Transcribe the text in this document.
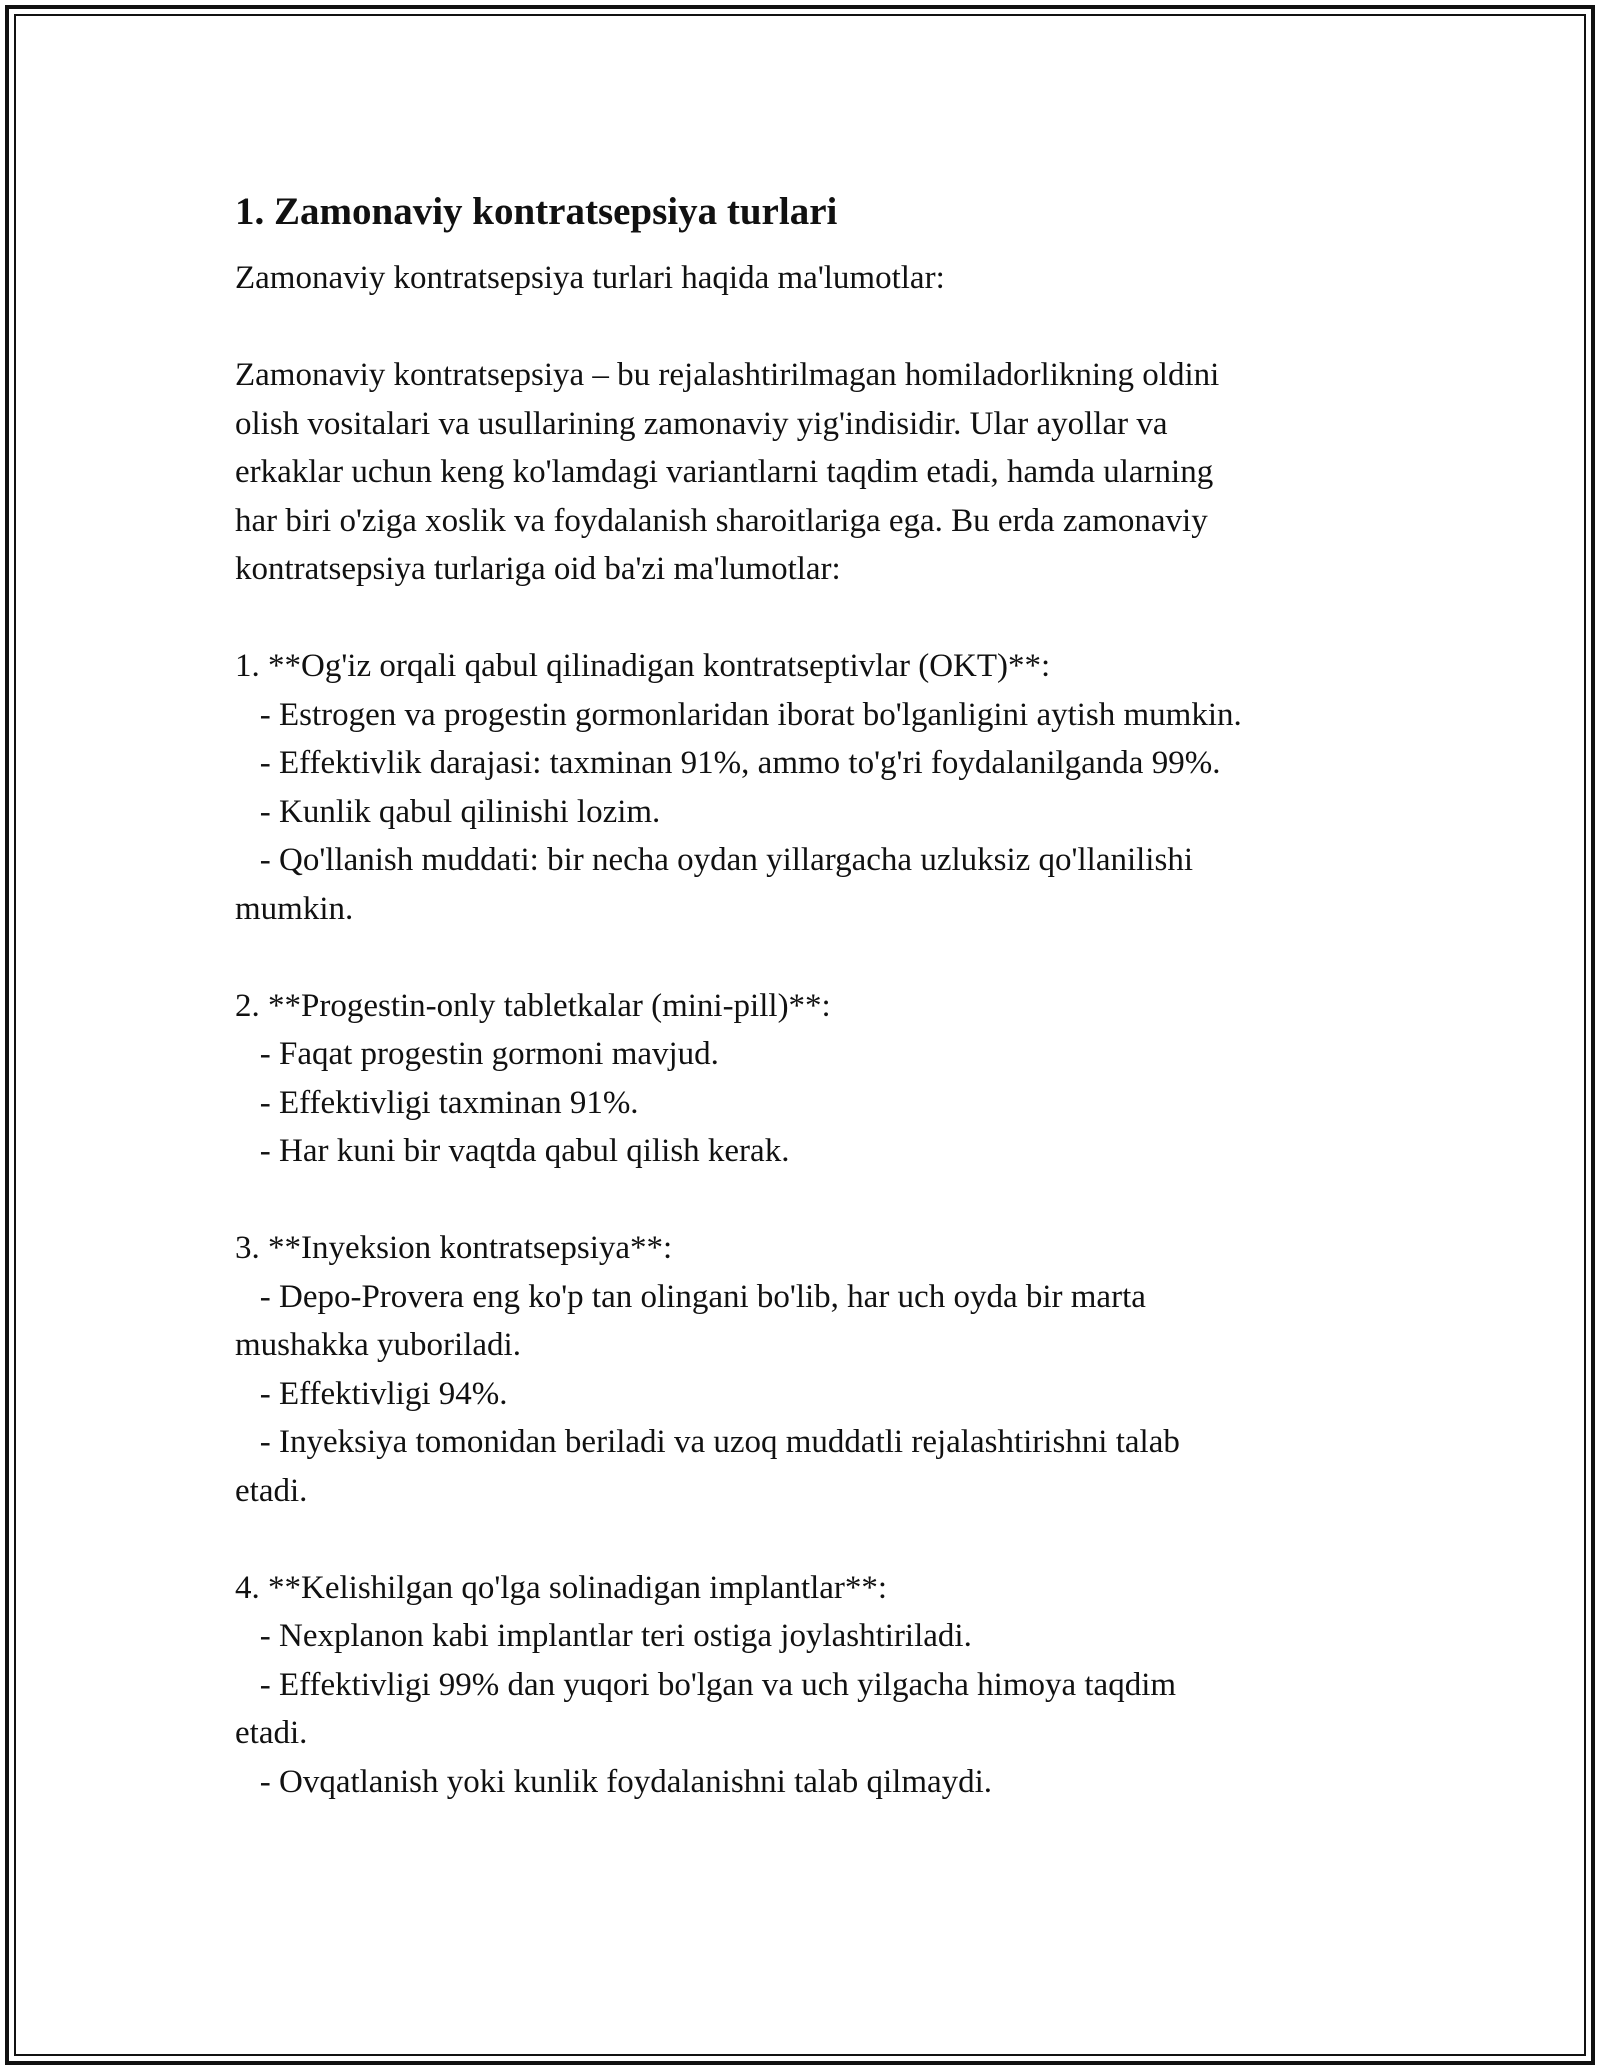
1. Zamonaviy kontratsepsiya turlari

Zamonaviy kontratsepsiya turlari haqida ma'lumotlar:

Zamonaviy kontratsepsiya – bu rejalashtirilmagan homiladorlikning oldini

olish vositalari va usullarining zamonaviy yig'indisidir. Ular ayollar va

erkaklar uchun keng ko'lamdagi variantlarni taqdim etadi, hamda ularning

har biri o'ziga xoslik va foydalanish sharoitlariga ega. Bu erda zamonaviy

kontratsepsiya turlariga oid ba'zi ma'lumotlar:

1. **Og'iz orqali qabul qilinadigan kontratseptivlar (OKT)**:

- Estrogen va progestin gormonlaridan iborat bo'lganligini aytish mumkin.

- Effektivlik darajasi: taxminan 91%, ammo to'g'ri foydalanilganda 99%.

- Kunlik qabul qilinishi lozim.

- Qo'llanish muddati: bir necha oydan yillargacha uzluksiz qo'llanilishi

mumkin.

2. **Progestin-only tabletkalar (mini-pill)**:

- Faqat progestin gormoni mavjud.

- Effektivligi taxminan 91%.

- Har kuni bir vaqtda qabul qilish kerak.

3. **Inyeksion kontratsepsiya**:

- Depo-Provera eng ko'p tan olingani bo'lib, har uch oyda bir marta

mushakka yuboriladi.

- Effektivligi 94%.

- Inyeksiya tomonidan beriladi va uzoq muddatli rejalashtirishni talab

etadi.

4. **Kelishilgan qo'lga solinadigan implantlar**:

- Nexplanon kabi implantlar teri ostiga joylashtiriladi.

- Effektivligi 99% dan yuqori bo'lgan va uch yilgacha himoya taqdim

etadi.

- Ovqatlanish yoki kunlik foydalanishni talab qilmaydi.
